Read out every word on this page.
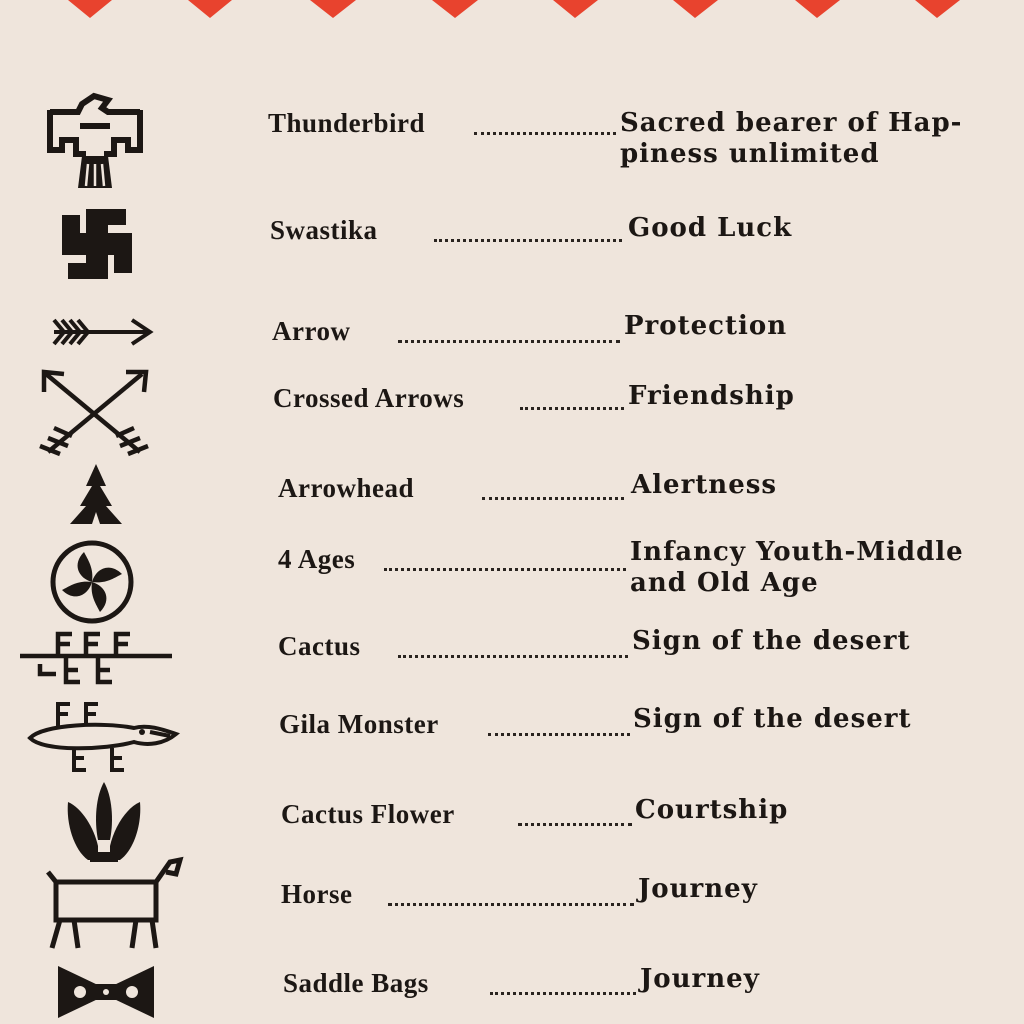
Thunderbird	Sacred bearer of Hap-
piness unlimited
Swastika	Good Luck
Arrow	Protection
Crossed Arrows	Friendship
Arrowhead	Alertness
4 Ages	Infancy Youth-Middle
and Old Age
Cactus	Sign of the desert
Gila Monster	Sign of the desert
Cactus Flower	Courtship
Horse	Journey
Saddle Bags	Journey
